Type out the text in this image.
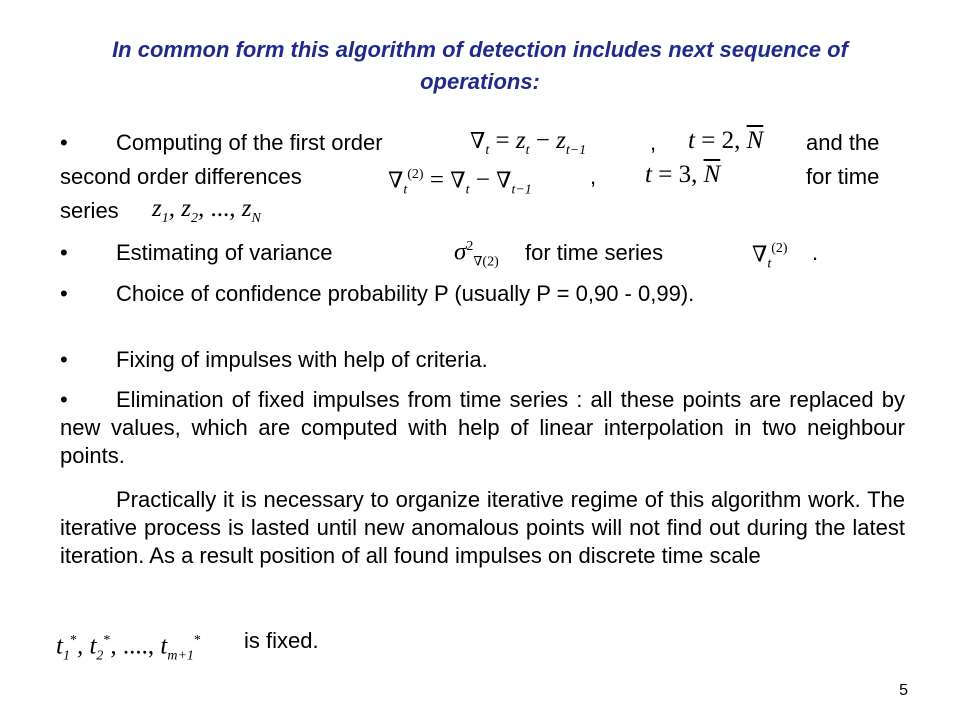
In common form this algorithm of detection includes next sequence of operations:
• Computing of the first order	$\nabla_t = z_t - z_{t-1}$	, t = 2, $\overline{N}$ and the
second order differences	$\nabla_t^{(2)} = \nabla_t - \nabla_{t-1}$
, t = 3, $\overline{N}$	for time
series $z_1$, $z_2$, ..., $z_N$
• Estimating of variance	$\sigma^2_{\nabla(2)}$ for time series	$\nabla_t^{(2)}$ .
• Choice of confidence probability P (usually P = 0,90 - 0,99).
• Fixing of impulses with help of criteria.
• Elimination of fixed impulses from time series : all these points are replaced by new values, which are computed with help of linear interpolation in two neighbour points.
Practically it is necessary to organize iterative regime of this algorithm work. The iterative process is lasted until new anomalous points will not find out during the latest iteration. As a result position of all found impulses on discrete time scale
$t_1^*$, $t_2^*$, ...., $t_{m+1}^*$ is fixed.
5
